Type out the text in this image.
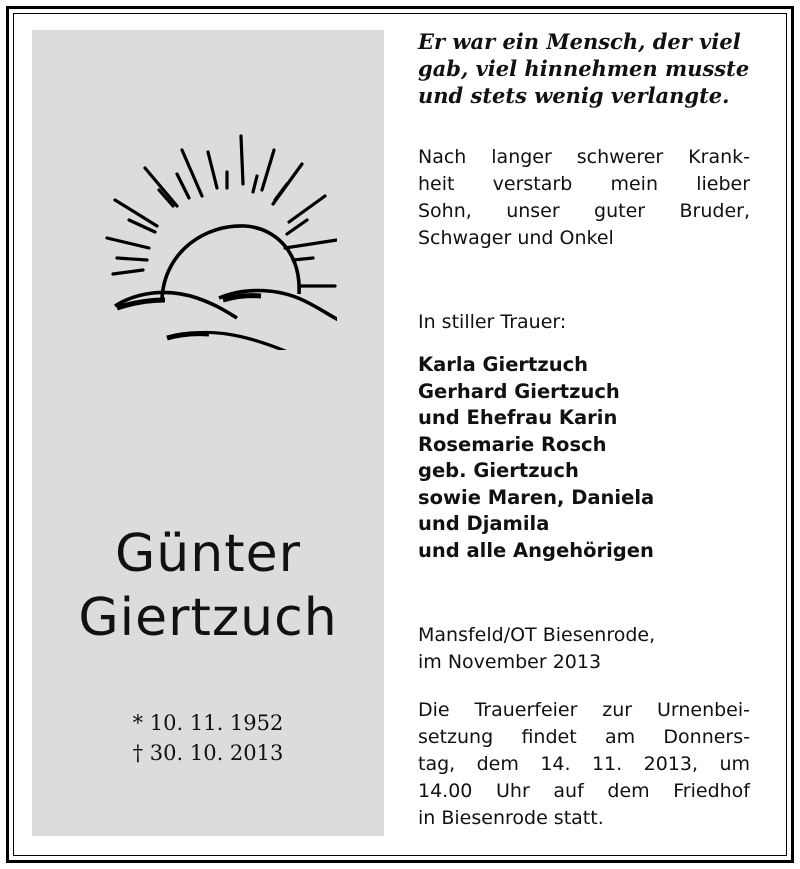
Günter
Giertzuch
* 10. 11. 1952
† 30. 10. 2013
Er war ein Mensch, der viel
gab, viel hinnehmen musste
und stets wenig verlangte.
Nach langer schwerer Krank-
heit verstarb mein lieber
Sohn, unser guter Bruder,
Schwager und Onkel
In stiller Trauer:
Karla Giertzuch
Gerhard Giertzuch
und Ehefrau Karin
Rosemarie Rosch
geb. Giertzuch
sowie Maren, Daniela
und Djamila
und alle Angehörigen
Mansfeld/OT Biesenrode,
im November 2013
Die Trauerfeier zur Urnenbei-
setzung findet am Donners-
tag, dem 14. 11. 2013, um
14.00 Uhr auf dem Friedhof
in Biesenrode statt.
